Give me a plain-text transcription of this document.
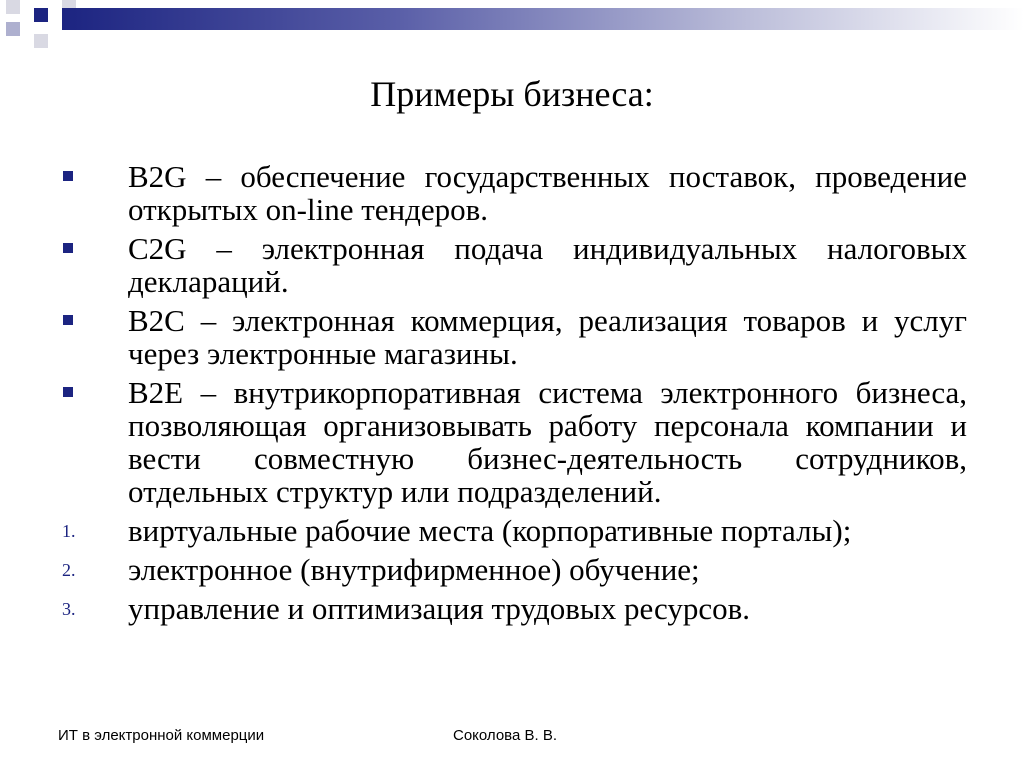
Примеры бизнеса:
B2G – обеспечение государственных поставок, проведение открытых on-line тендеров.
C2G – электронная подача индивидуальных налоговых деклараций.
B2C – электронная коммерция, реализация товаров и услуг через электронные магазины.
B2E – внутрикорпоративная система электронного бизнеса, позволяющая организовывать работу персонала компании и вести совместную бизнес-деятельность сотрудников, отдельных структур или подразделений.
1. виртуальные рабочие места (корпоративные порталы);
2. электронное (внутрифирменное) обучение;
3. управление и оптимизация трудовых ресурсов.
ИТ в электронной коммерции	Соколова В. В.
